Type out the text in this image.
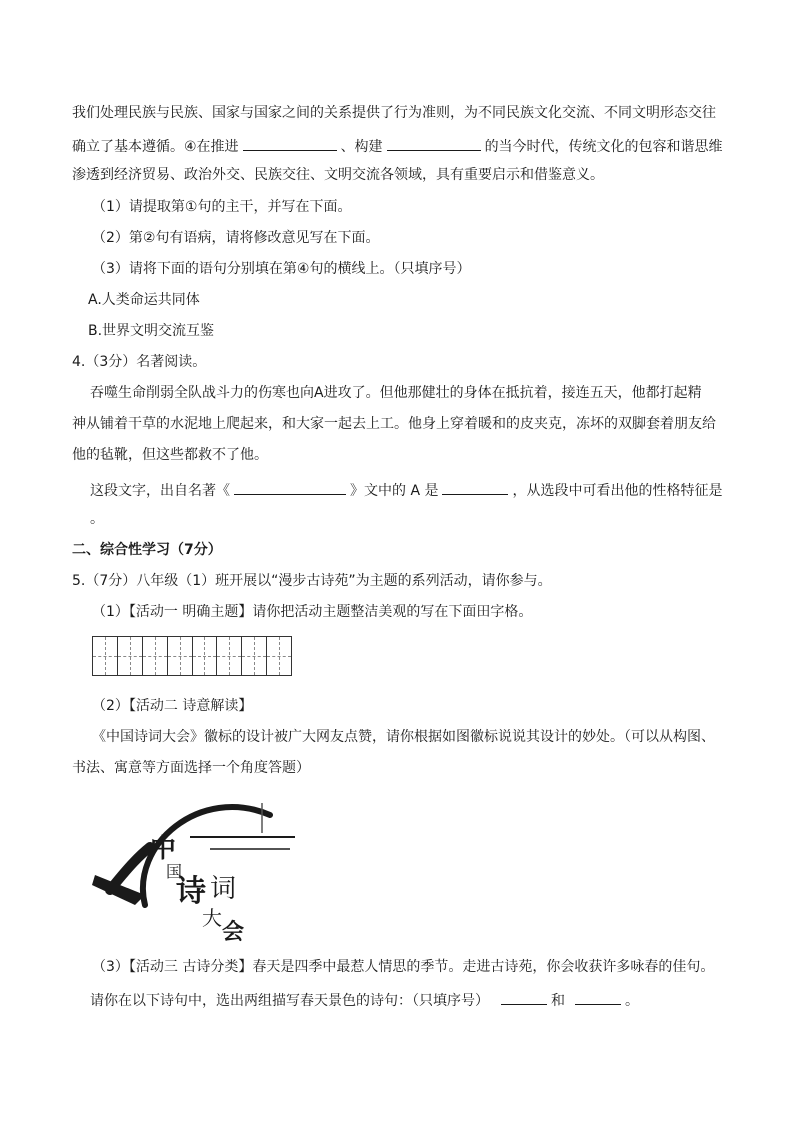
我们处理民族与民族、国家与国家之间的关系提供了行为准则，为不同民族文化交流、不同文明形态交往
确立了基本遵循。④在推进	、构建	的当今时代，传统文化的包容和谐思维
渗透到经济贸易、政治外交、民族交往、文明交流各领域，具有重要启示和借鉴意义。
（1）请提取第①句的主干，并写在下面。
（2）第②句有语病，请将修改意见写在下面。
（3）请将下面的语句分别填在第④句的横线上。（只填序号）
A.人类命运共同体
B.世界文明交流互鉴
4.（3分）名著阅读。
吞噬生命削弱全队战斗力的伤寒也向A进攻了。但他那健壮的身体在抵抗着，接连五天，他都打起精
神从铺着干草的水泥地上爬起来，和大家一起去上工。他身上穿着暖和的皮夹克，冻坏的双脚套着朋友给
他的毡靴，但这些都救不了他。
这段文字，出自名著《	》文中的 A 是	，从选段中可看出他的性格特征是
。
二、综合性学习（7分）
5.（7分）八年级（1）班开展以“漫步古诗苑”为主题的系列活动，请你参与。
（1）【活动一 明确主题】请你把活动主题整洁美观的写在下面田字格。
（2）【活动二 诗意解读】
《中国诗词大会》徽标的设计被广大网友点赞，请你根据如图徽标说说其设计的妙处。（可以从构图、
书法、寓意等方面选择一个角度答题）
中
国
诗 词
大
会
（3）【活动三 古诗分类】春天是四季中最惹人情思的季节。走进古诗苑，你会收获许多咏春的佳句。
请你在以下诗句中，选出两组描写春天景色的诗句：（只填序号）	和	。
